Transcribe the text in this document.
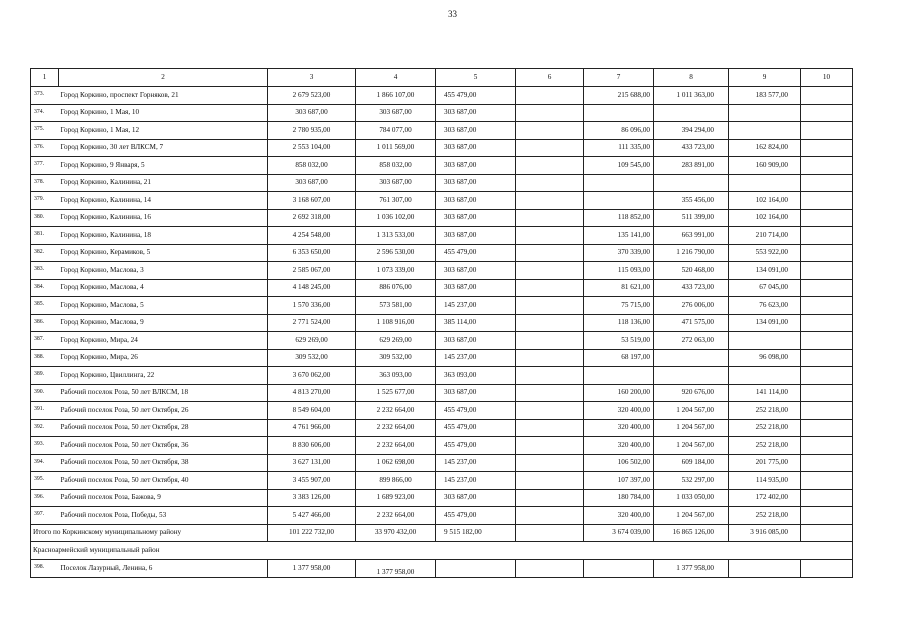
33
1	2	3	4	5	6	7	8	9	10
373.	Город Коркино, проспект Горняков, 21	2 679 523,00	1 866 107,00	455 479,00		215 688,00	1 011 363,00	183 577,00	
374.	Город Коркино, 1 Мая, 10	303 687,00	303 687,00	303 687,00					
375.	Город Коркино, 1 Мая, 12	2 780 935,00	784 077,00	303 687,00		86 096,00	394 294,00		
376.	Город Коркино, 30 лет ВЛКСМ, 7	2 553 104,00	1 011 569,00	303 687,00		111 335,00	433 723,00	162 824,00	
377.	Город Коркино, 9 Января, 5	858 032,00	858 032,00	303 687,00		109 545,00	283 891,00	160 909,00	
378.	Город Коркино, Калинина, 21	303 687,00	303 687,00	303 687,00					
379.	Город Коркино, Калинина, 14	3 168 607,00	761 307,00	303 687,00			355 456,00	102 164,00	
380.	Город Коркино, Калинина, 16	2 692 318,00	1 036 102,00	303 687,00		118 852,00	511 399,00	102 164,00	
381.	Город Коркино, Калинина, 18	4 254 548,00	1 313 533,00	303 687,00		135 141,00	663 991,00	210 714,00	
382.	Город Коркино, Керамиков, 5	6 353 650,00	2 596 530,00	455 479,00		370 339,00	1 216 790,00	553 922,00	
383.	Город Коркино, Маслова, 3	2 585 067,00	1 073 339,00	303 687,00		115 093,00	520 468,00	134 091,00	
384.	Город Коркино, Маслова, 4	4 148 245,00	886 076,00	303 687,00		81 621,00	433 723,00	67 045,00	
385.	Город Коркино, Маслова, 5	1 570 336,00	573 581,00	145 237,00		75 715,00	276 006,00	76 623,00	
386.	Город Коркино, Маслова, 9	2 771 524,00	1 108 916,00	385 114,00		118 136,00	471 575,00	134 091,00	
387.	Город Коркино, Мира, 24	629 269,00	629 269,00	303 687,00		53 519,00	272 063,00		
388.	Город Коркино, Мира, 26	309 532,00	309 532,00	145 237,00		68 197,00		96 098,00	
389.	Город Коркино, Цвиллинга, 22	3 670 062,00	363 093,00	363 093,00					
390.	Рабочий поселок Роза, 50 лет ВЛКСМ, 18	4 813 270,00	1 525 677,00	303 687,00		160 200,00	920 676,00	141 114,00	
391.	Рабочий поселок Роза, 50 лет Октября, 26	8 549 604,00	2 232 664,00	455 479,00		320 400,00	1 204 567,00	252 218,00	
392.	Рабочий поселок Роза, 50 лет Октября, 28	4 761 966,00	2 232 664,00	455 479,00		320 400,00	1 204 567,00	252 218,00	
393.	Рабочий поселок Роза, 50 лет Октября, 36	8 830 606,00	2 232 664,00	455 479,00		320 400,00	1 204 567,00	252 218,00	
394.	Рабочий поселок Роза, 50 лет Октября, 38	3 627 131,00	1 062 698,00	145 237,00		106 502,00	609 184,00	201 775,00	
395.	Рабочий поселок Роза, 50 лет Октября, 40	3 455 907,00	899 866,00	145 237,00		107 397,00	532 297,00	114 935,00	
396.	Рабочий поселок Роза, Бажова, 9	3 383 126,00	1 689 923,00	303 687,00		180 784,00	1 033 050,00	172 402,00	
397.	Рабочий поселок Роза, Победы, 53	5 427 466,00	2 232 664,00	455 479,00		320 400,00	1 204 567,00	252 218,00	
Итого по Коркинскому муниципальному району		101 222 732,00	33 970 432,00	9 515 182,00		3 674 039,00	16 865 126,00	3 916 085,00	
Красноармейский муниципальный район									
398.	Поселок Лазурный, Ленина, 6	1 377 958,00	1 377 958,00				1 377 958,00		
